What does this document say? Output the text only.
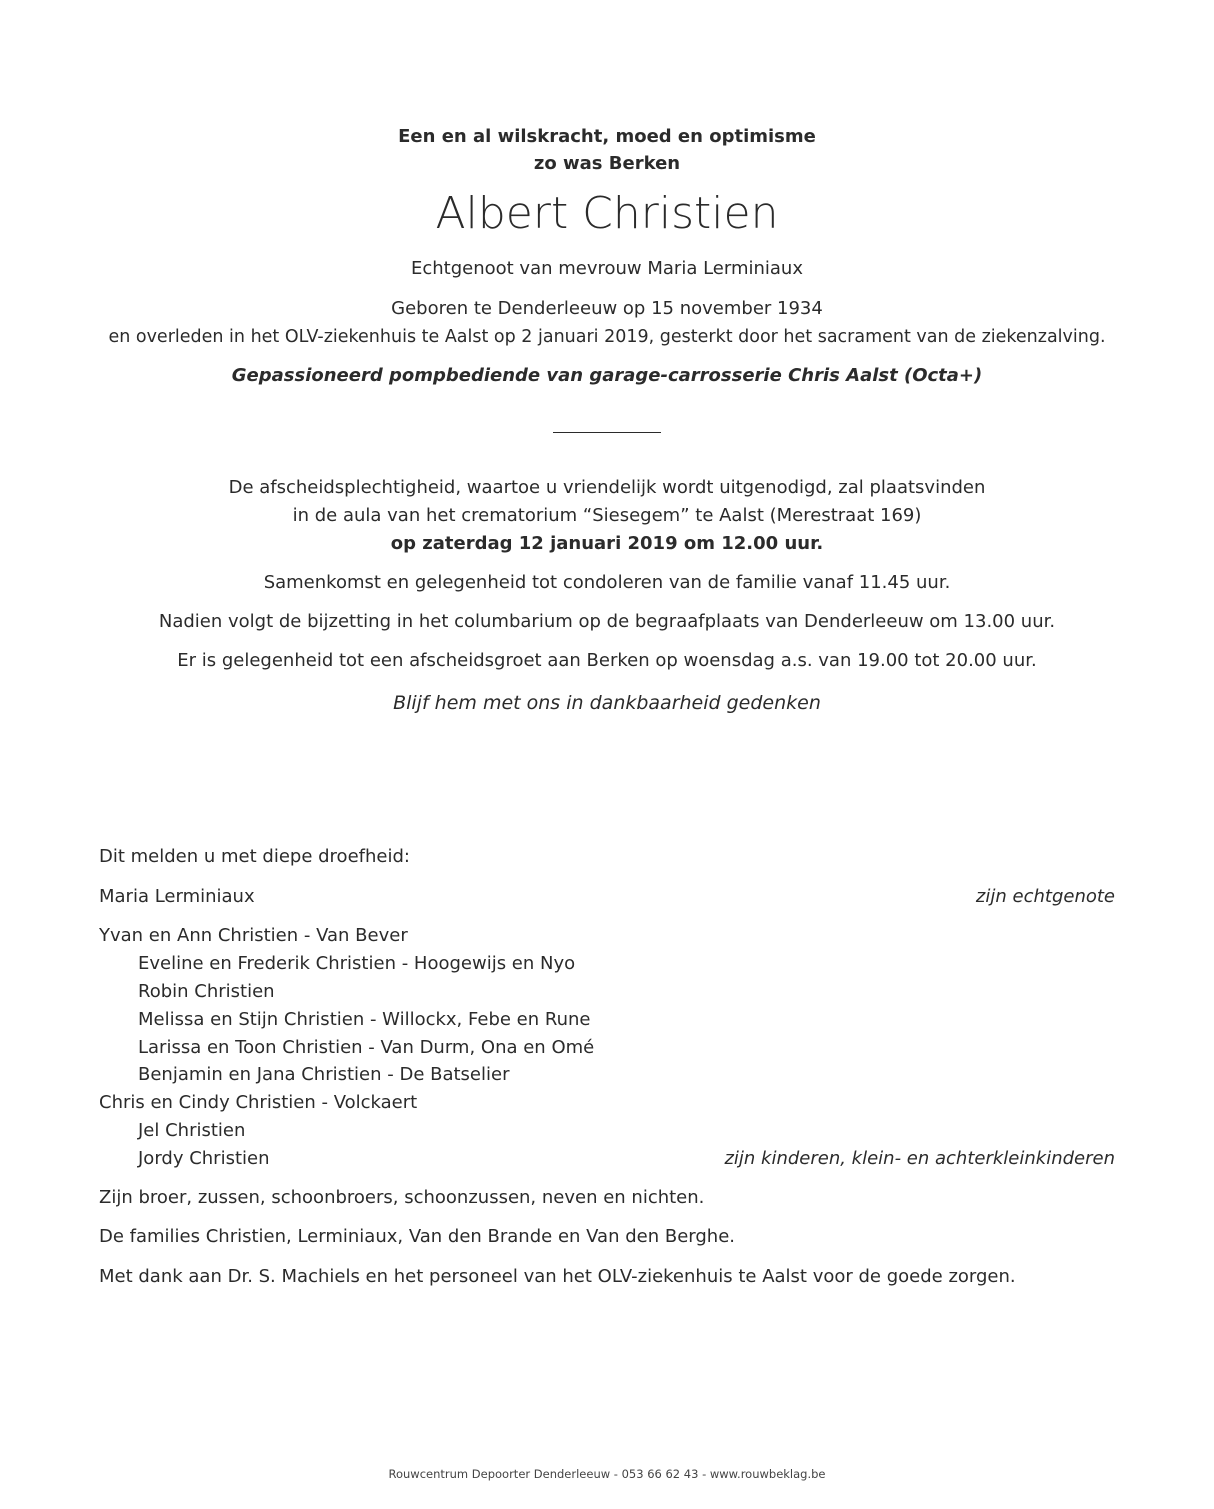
Een en al wilskracht, moed en optimisme
zo was Berken
Albert Christien
Echtgenoot van mevrouw Maria Lerminiaux
Geboren te Denderleeuw op 15 november 1934
en overleden in het OLV-ziekenhuis te Aalst op 2 januari 2019, gesterkt door het sacrament van de ziekenzalving.
Gepassioneerd pompbediende van garage-carrosserie Chris Aalst (Octa+)
De afscheidsplechtigheid, waartoe u vriendelijk wordt uitgenodigd, zal plaatsvinden
in de aula van het crematorium “Siesegem” te Aalst (Merestraat 169)
op zaterdag 12 januari 2019 om 12.00 uur.
Samenkomst en gelegenheid tot condoleren van de familie vanaf 11.45 uur.
Nadien volgt de bijzetting in het columbarium op de begraafplaats van Denderleeuw om 13.00 uur.
Er is gelegenheid tot een afscheidsgroet aan Berken op woensdag a.s. van 19.00 tot 20.00 uur.
Blijf hem met ons in dankbaarheid gedenken
Dit melden u met diepe droefheid:
Maria Lerminiaux	zijn echtgenote
Yvan en Ann Christien - Van Bever
Eveline en Frederik Christien - Hoogewijs en Nyo
Robin Christien
Melissa en Stijn Christien - Willockx, Febe en Rune
Larissa en Toon Christien - Van Durm, Ona en Omé
Benjamin en Jana Christien - De Batselier
Chris en Cindy Christien - Volckaert
Jel Christien
Jordy Christien	zijn kinderen, klein- en achterkleinkinderen
Zijn broer, zussen, schoonbroers, schoonzussen, neven en nichten.
De families Christien, Lerminiaux, Van den Brande en Van den Berghe.
Met dank aan Dr. S. Machiels en het personeel van het OLV-ziekenhuis te Aalst voor de goede zorgen.
Rouwcentrum Depoorter Denderleeuw - 053 66 62 43 - www.rouwbeklag.be
